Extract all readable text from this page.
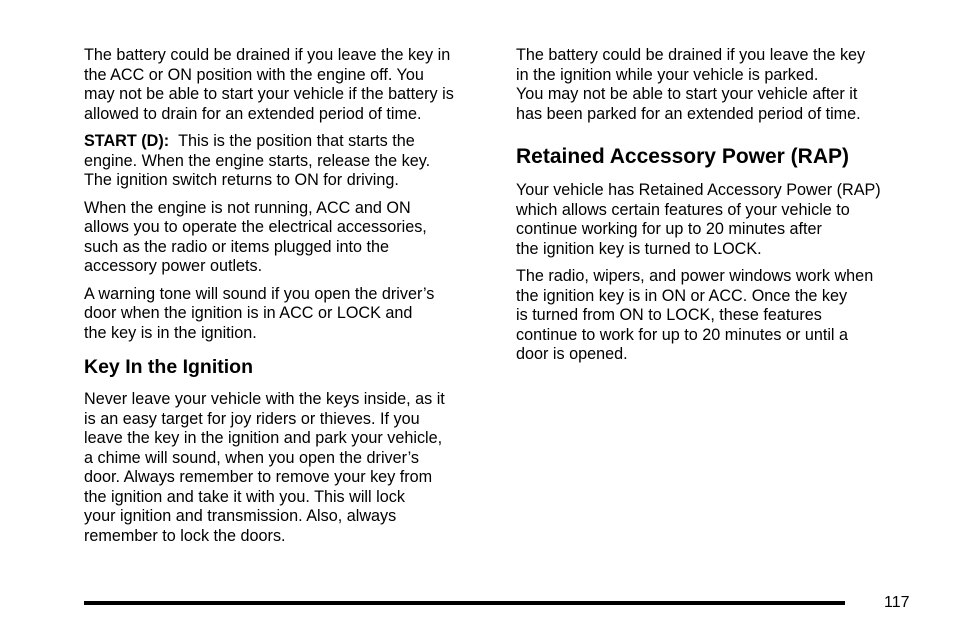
The battery could be drained if you leave the key in
the ACC or ON position with the engine off. You
may not be able to start your vehicle if the battery is
allowed to drain for an extended period of time.

START (D): This is the position that starts the
engine. When the engine starts, release the key.
The ignition switch returns to ON for driving.

When the engine is not running, ACC and ON
allows you to operate the electrical accessories,
such as the radio or items plugged into the
accessory power outlets.

A warning tone will sound if you open the driver’s
door when the ignition is in ACC or LOCK and
the key is in the ignition.

Key In the Ignition

Never leave your vehicle with the keys inside, as it
is an easy target for joy riders or thieves. If you
leave the key in the ignition and park your vehicle,
a chime will sound, when you open the driver’s
door. Always remember to remove your key from
the ignition and take it with you. This will lock
your ignition and transmission. Also, always
remember to lock the doors.

The battery could be drained if you leave the key
in the ignition while your vehicle is parked.
You may not be able to start your vehicle after it
has been parked for an extended period of time.

Retained Accessory Power (RAP)

Your vehicle has Retained Accessory Power (RAP)
which allows certain features of your vehicle to
continue working for up to 20 minutes after
the ignition key is turned to LOCK.

The radio, wipers, and power windows work when
the ignition key is in ON or ACC. Once the key
is turned from ON to LOCK, these features
continue to work for up to 20 minutes or until a
door is opened.

117
